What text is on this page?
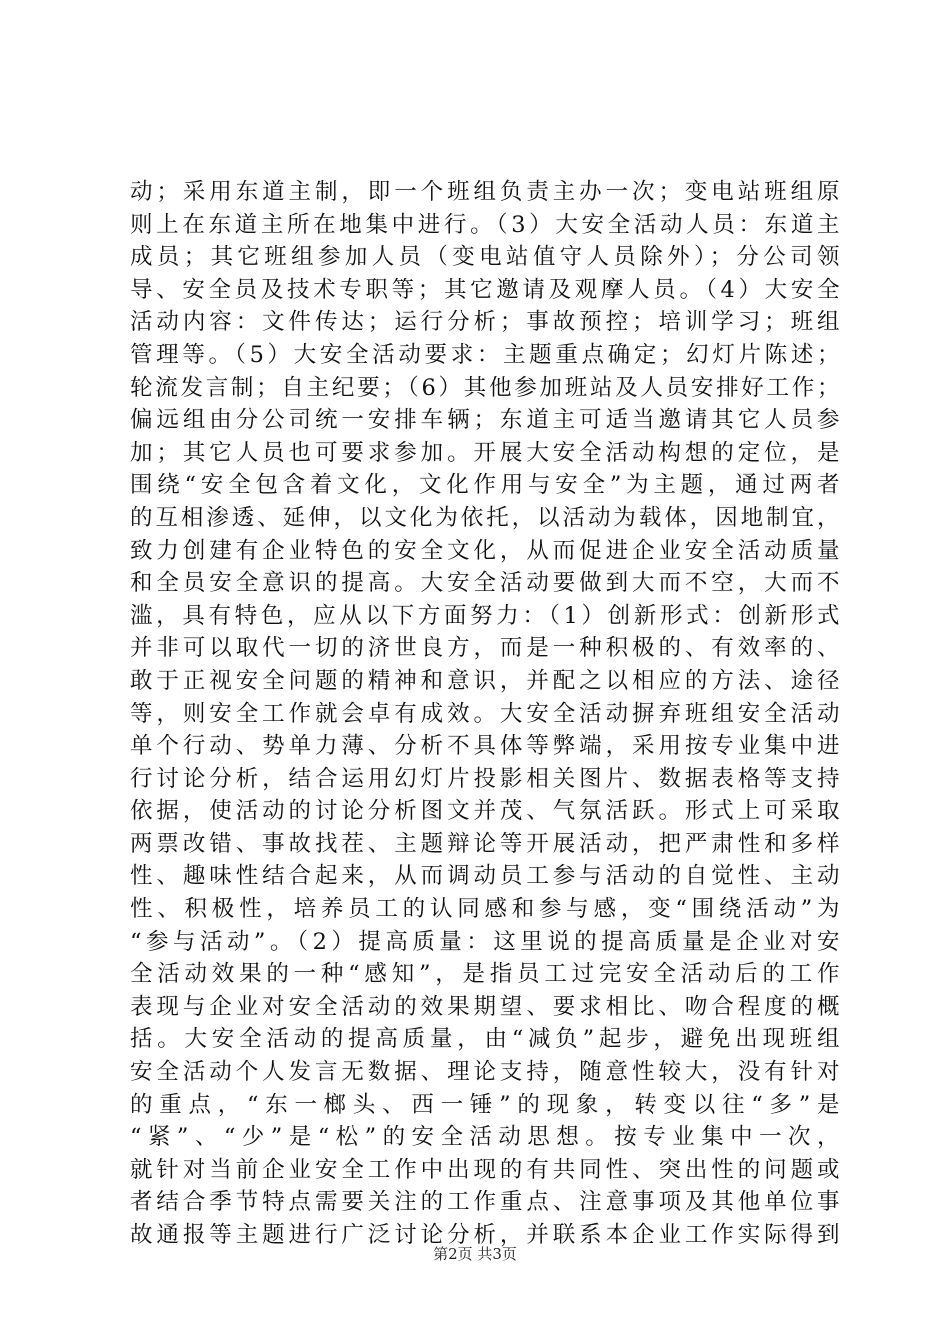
动；采用东道主制，即一个班组负责主办一次；变电站班组原
则上在东道主所在地集中进行。（3）大安全活动人员：东道主
成员；其它班组参加人员（变电站值守人员除外）；分公司领
导、安全员及技术专职等；其它邀请及观摩人员。（4）大安全
活动内容：文件传达；运行分析；事故预控；培训学习；班组
管理等。（5）大安全活动要求：主题重点确定；幻灯片陈述；
轮流发言制；自主纪要；（6）其他参加班站及人员安排好工作；
偏远组由分公司统一安排车辆；东道主可适当邀请其它人员参
加；其它人员也可要求参加。开展大安全活动构想的定位，是
围绕“安全包含着文化，文化作用与安全”为主题，通过两者
的互相渗透、延伸，以文化为依托，以活动为载体，因地制宜，
致力创建有企业特色的安全文化，从而促进企业安全活动质量
和全员安全意识的提高。大安全活动要做到大而不空，大而不
滥，具有特色，应从以下方面努力：（1）创新形式：创新形式
并非可以取代一切的济世良方，而是一种积极的、有效率的、
敢于正视安全问题的精神和意识，并配之以相应的方法、途径
等，则安全工作就会卓有成效。大安全活动摒弃班组安全活动
单个行动、势单力薄、分析不具体等弊端，采用按专业集中进
行讨论分析，结合运用幻灯片投影相关图片、数据表格等支持
依据，使活动的讨论分析图文并茂、气氛活跃。形式上可采取
两票改错、事故找茬、主题辩论等开展活动，把严肃性和多样
性、趣味性结合起来，从而调动员工参与活动的自觉性、主动
性、积极性，培养员工的认同感和参与感，变“围绕活动”为
“参与活动”。（2）提高质量：这里说的提高质量是企业对安
全活动效果的一种“感知”，是指员工过完安全活动后的工作
表现与企业对安全活动的效果期望、要求相比、吻合程度的概
括。大安全活动的提高质量，由“减负”起步，避免出现班组
安全活动个人发言无数据、理论支持，随意性较大，没有针对
的重点，“东一榔头、西一锤”的现象，转变以往“多”是
“紧”、“少”是“松”的安全活动思想。按专业集中一次，
就针对当前企业安全工作中出现的有共同性、突出性的问题或
者结合季节特点需要关注的工作重点、注意事项及其他单位事
故通报等主题进行广泛讨论分析，并联系本企业工作实际得到
第2页 共3页
